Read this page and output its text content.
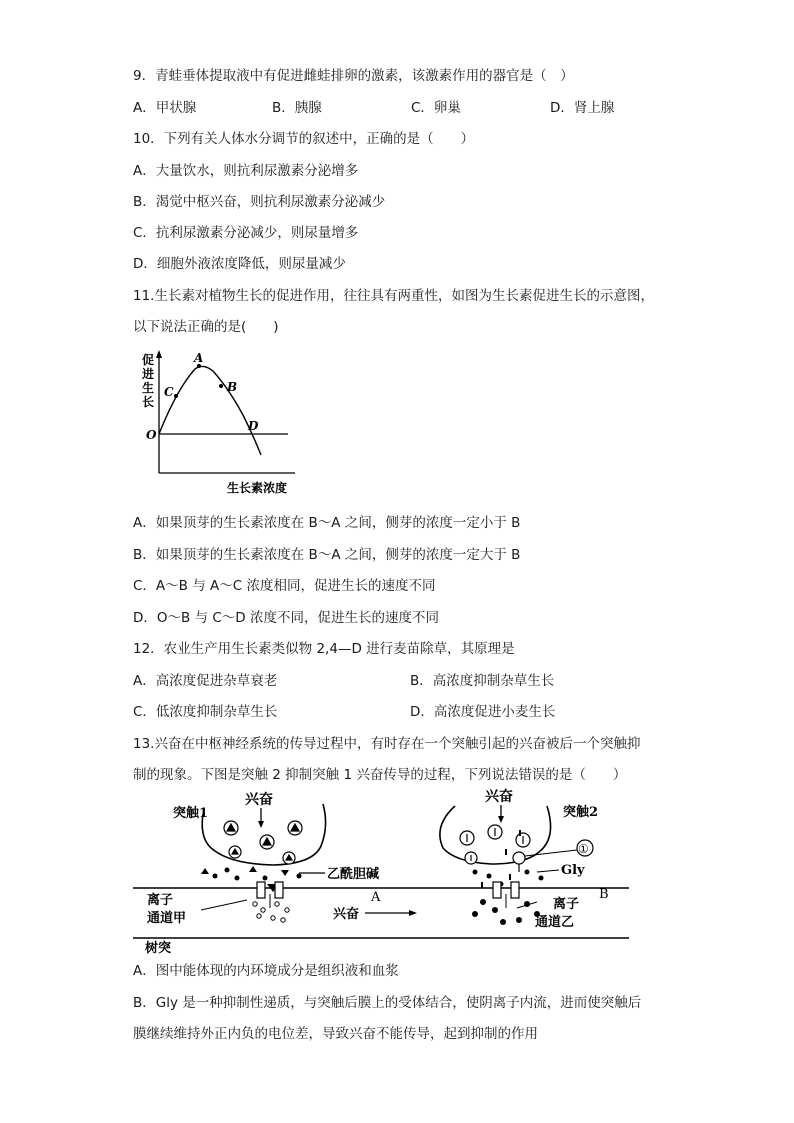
9．青蛙垂体提取液中有促进雌蛙排卵的激素，该激素作用的器官是（　）
A．甲状腺	B．胰腺	C．卵巢	D．肾上腺
10．下列有关人体水分调节的叙述中，正确的是（　　）
A．大量饮水，则抗利尿激素分泌增多
B．渴觉中枢兴奋，则抗利尿激素分泌减少
C．抗利尿激素分泌减少，则尿量增多
D．细胞外液浓度降低，则尿量减少
11.生长素对植物生长的促进作用，往往具有两重性，如图为生长素促进生长的示意图，
以下说法正确的是(　　)
促
进
生
长
A
B
C
D
O
生长素浓度
A．如果顶芽的生长素浓度在 B～A 之间，侧芽的浓度一定小于 B
B．如果顶芽的生长素浓度在 B～A 之间，侧芽的浓度一定大于 B
C．A～B 与 A～C 浓度相同，促进生长的速度不同
D．O～B 与 C～D 浓度不同，促进生长的速度不同
12．农业生产用生长素类似物 2,4—D 进行麦苗除草，其原理是
A．高浓度促进杂草衰老	B．高浓度抑制杂草生长
C．低浓度抑制杂草生长	D．高浓度促进小麦生长
13.兴奋在中枢神经系统的传导过程中，有时存在一个突触引起的兴奋被后一个突触抑
制的现象。下图是突触 2 抑制突触 1 兴奋传导的过程，下列说法错误的是（　　）
兴奋	兴奋
突触1	突触2
乙酰胆碱
离子
通道甲
A
兴奋
①
Gly
B
离子
通道乙
树突
A．图中能体现的内环境成分是组织液和血浆
B．Gly 是一种抑制性递质，与突触后膜上的受体结合，使阴离子内流，进而使突触后
膜继续维持外正内负的电位差，导致兴奋不能传导，起到抑制的作用
